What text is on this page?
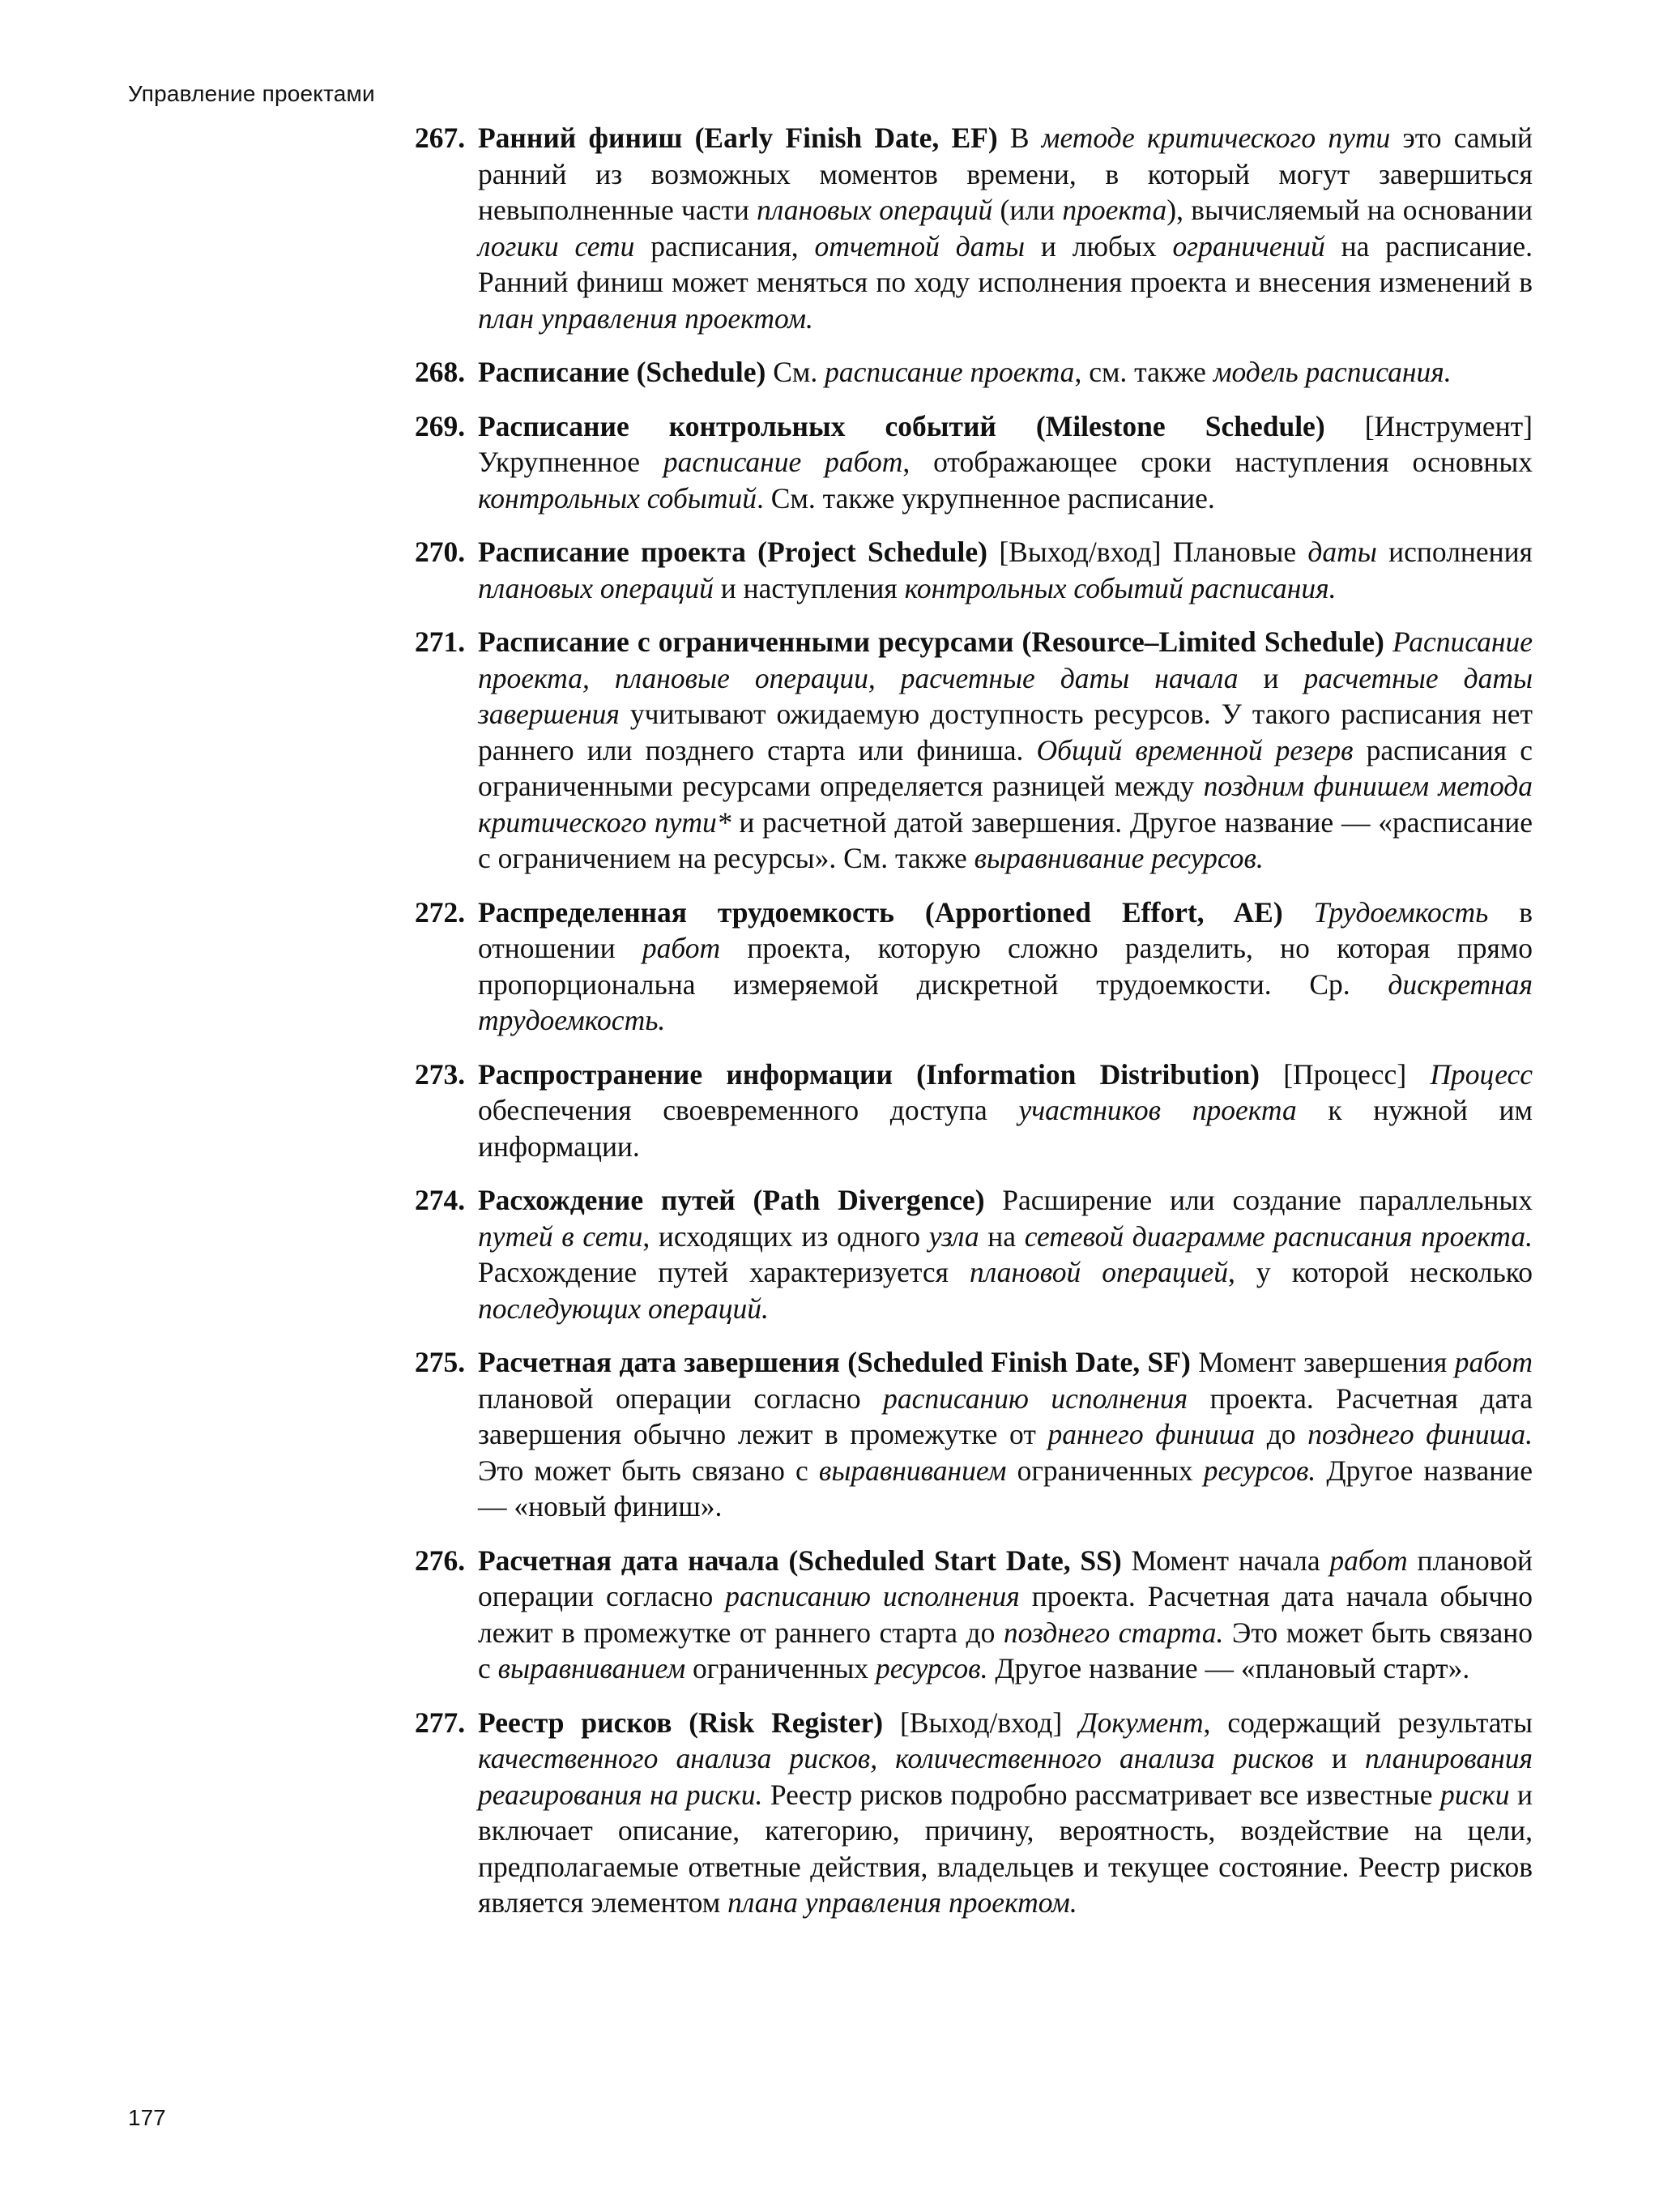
Управление проектами
267. Ранний финиш (Early Finish Date, EF) В методе критического пути это самый ранний из возможных моментов времени, в который могут завершиться невыполненные части плановых операций (или проекта), вычисляемый на основании логики сети расписания, отчетной даты и любых ограничений на расписание. Ранний финиш может меняться по ходу исполнения проекта и внесения изменений в план управления проектом.
268. Расписание (Schedule) См. расписание проекта, см. также модель расписания.
269. Расписание контрольных событий (Milestone Schedule) [Инструмент] Укрупненное расписание работ, отображающее сроки наступления основных контрольных событий. См. также укрупненное расписание.
270. Расписание проекта (Project Schedule) [Выход/вход] Плановые даты исполнения плановых операций и наступления контрольных событий расписания.
271. Расписание с ограниченными ресурсами (Resource–Limited Schedule) Расписание проекта, плановые операции, расчетные даты начала и расчетные даты завершения учитывают ожидаемую доступность ресурсов. У такого расписания нет раннего или позднего старта или финиша. Общий временной резерв расписания с ограниченными ресурсами определяется разницей между поздним финишем метода критического пути* и расчетной датой завершения. Другое название — «расписание с ограничением на ресурсы». См. также выравнивание ресурсов.
272. Распределенная трудоемкость (Apportioned Effort, AE) Трудоемкость в отношении работ проекта, которую сложно разделить, но которая прямо пропорциональна измеряемой дискретной трудоемкости. Ср. дискретная трудоемкость.
273. Распространение информации (Information Distribution) [Процесс] Процесс обеспечения своевременного доступа участников проекта к нужной им информации.
274. Расхождение путей (Path Divergence) Расширение или создание параллельных путей в сети, исходящих из одного узла на сетевой диаграмме расписания проекта. Расхождение путей характеризуется плановой операцией, у которой несколько последующих операций.
275. Расчетная дата завершения (Scheduled Finish Date, SF) Момент завершения работ плановой операции согласно расписанию исполнения проекта. Расчетная дата завершения обычно лежит в промежутке от раннего финиша до позднего финиша. Это может быть связано с выравниванием ограниченных ресурсов. Другое название — «новый финиш».
276. Расчетная дата начала (Scheduled Start Date, SS) Момент начала работ плановой операции согласно расписанию исполнения проекта. Расчетная дата начала обычно лежит в промежутке от раннего старта до позднего старта. Это может быть связано с выравниванием ограниченных ресурсов. Другое название — «плановый старт».
277. Реестр рисков (Risk Register) [Выход/вход] Документ, содержащий результаты качественного анализа рисков, количественного анализа рисков и планирования реагирования на риски. Реестр рисков подробно рассматривает все известные риски и включает описание, категорию, причину, вероятность, воздействие на цели, предполагаемые ответные действия, владельцев и текущее состояние. Реестр рисков является элементом плана управления проектом.
177
